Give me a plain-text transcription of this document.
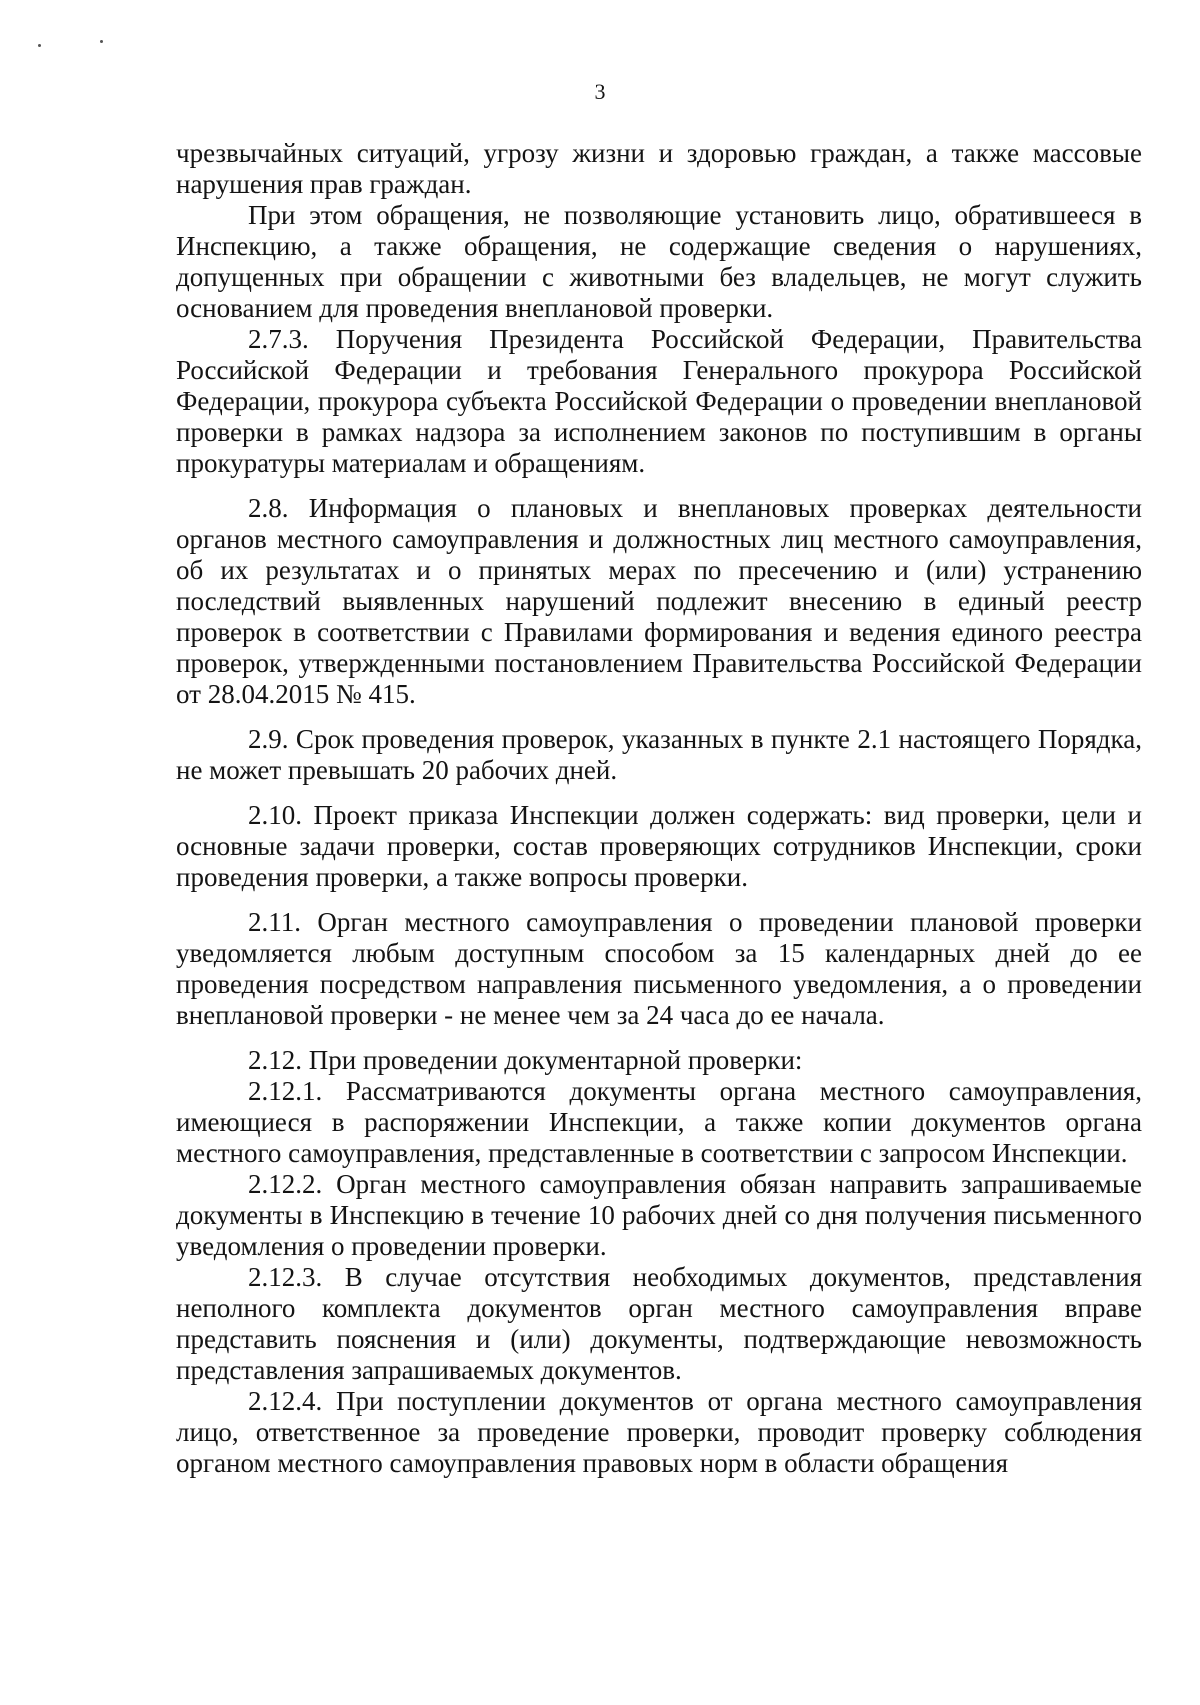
3

чрезвычайных ситуаций, угрозу жизни и здоровью граждан, а также массовые нарушения прав граждан.

При этом обращения, не позволяющие установить лицо, обратившееся в Инспекцию, а также обращения, не содержащие сведения о нарушениях, допущенных при обращении с животными без владельцев, не могут служить основанием для проведения внеплановой проверки.

2.7.3. Поручения Президента Российской Федерации, Правительства Российской Федерации и требования Генерального прокурора Российской Федерации, прокурора субъекта Российской Федерации о проведении внеплановой проверки в рамках надзора за исполнением законов по поступившим в органы прокуратуры материалам и обращениям.

2.8. Информация о плановых и внеплановых проверках деятельности органов местного самоуправления и должностных лиц местного самоуправления, об их результатах и о принятых мерах по пресечению и (или) устранению последствий выявленных нарушений подлежит внесению в единый реестр проверок в соответствии с Правилами формирования и ведения единого реестра проверок, утвержденными постановлением Правительства Российской Федерации от 28.04.2015 № 415.

2.9. Срок проведения проверок, указанных в пункте 2.1 настоящего Порядка, не может превышать 20 рабочих дней.

2.10. Проект приказа Инспекции должен содержать: вид проверки, цели и основные задачи проверки, состав проверяющих сотрудников Инспекции, сроки проведения проверки, а также вопросы проверки.

2.11. Орган местного самоуправления о проведении плановой проверки уведомляется любым доступным способом за 15 календарных дней до ее проведения посредством направления письменного уведомления, а о проведении внеплановой проверки - не менее чем за 24 часа до ее начала.

2.12. При проведении документарной проверки:

2.12.1. Рассматриваются документы органа местного самоуправления, имеющиеся в распоряжении Инспекции, а также копии документов органа местного самоуправления, представленные в соответствии с запросом Инспекции.

2.12.2. Орган местного самоуправления обязан направить запрашиваемые документы в Инспекцию в течение 10 рабочих дней со дня получения письменного уведомления о проведении проверки.

2.12.3. В случае отсутствия необходимых документов, представления неполного комплекта документов орган местного самоуправления вправе представить пояснения и (или) документы, подтверждающие невозможность представления запрашиваемых документов.

2.12.4. При поступлении документов от органа местного самоуправления лицо, ответственное за проведение проверки, проводит проверку соблюдения органом местного самоуправления правовых норм в области обращения
